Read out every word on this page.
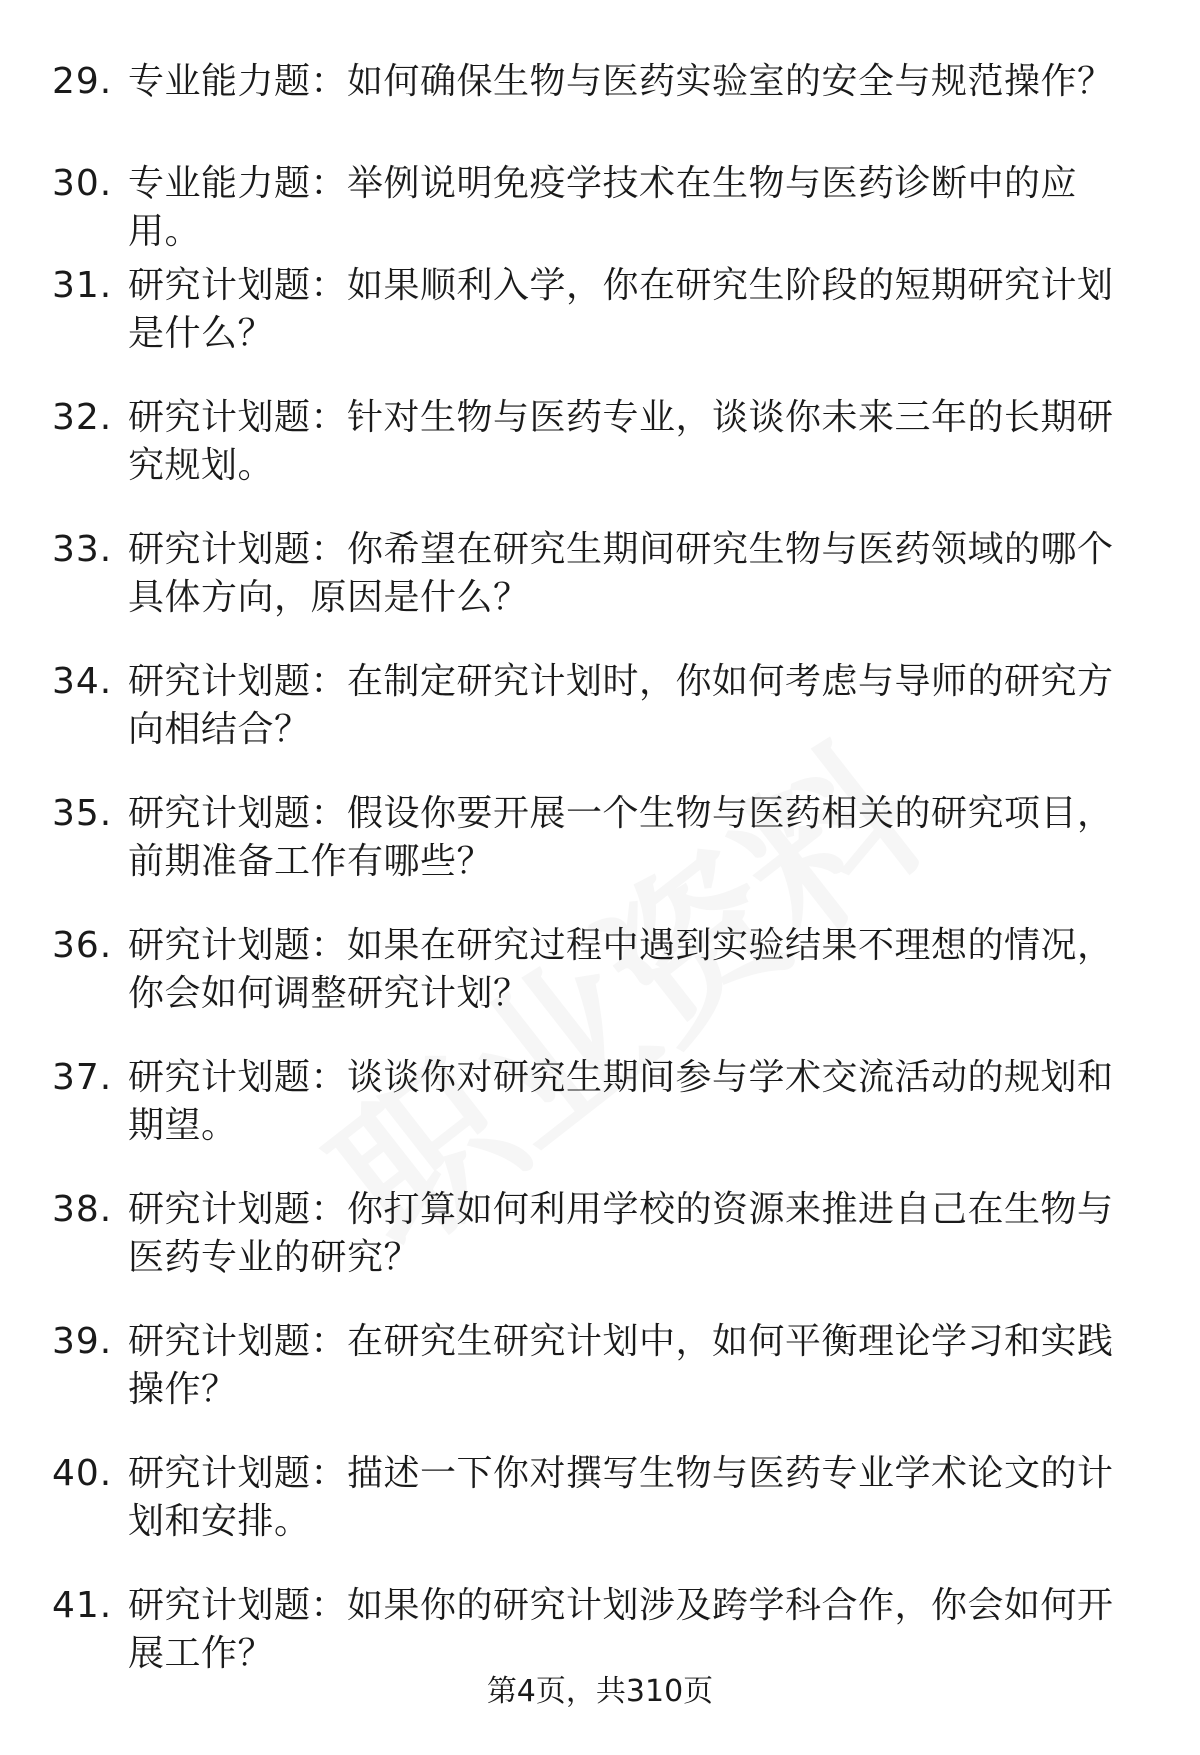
29. 专业能力题：如何确保生物与医药实验室的安全与规范操作？
30. 专业能力题：举例说明免疫学技术在生物与医药诊断中的应用。
31. 研究计划题：如果顺利入学，你在研究生阶段的短期研究计划是什么？
32. 研究计划题：针对生物与医药专业，谈谈你未来三年的长期研究规划。
33. 研究计划题：你希望在研究生期间研究生物与医药领域的哪个具体方向，原因是什么？
34. 研究计划题：在制定研究计划时，你如何考虑与导师的研究方向相结合？
35. 研究计划题：假设你要开展一个生物与医药相关的研究项目，前期准备工作有哪些？
36. 研究计划题：如果在研究过程中遇到实验结果不理想的情况，你会如何调整研究计划？
37. 研究计划题：谈谈你对研究生期间参与学术交流活动的规划和期望。
38. 研究计划题：你打算如何利用学校的资源来推进自己在生物与医药专业的研究？
39. 研究计划题：在研究生研究计划中，如何平衡理论学习和实践操作？
40. 研究计划题：描述一下你对撰写生物与医药专业学术论文的计划和安排。
41. 研究计划题：如果你的研究计划涉及跨学科合作，你会如何开展工作？
第4页，共310页
